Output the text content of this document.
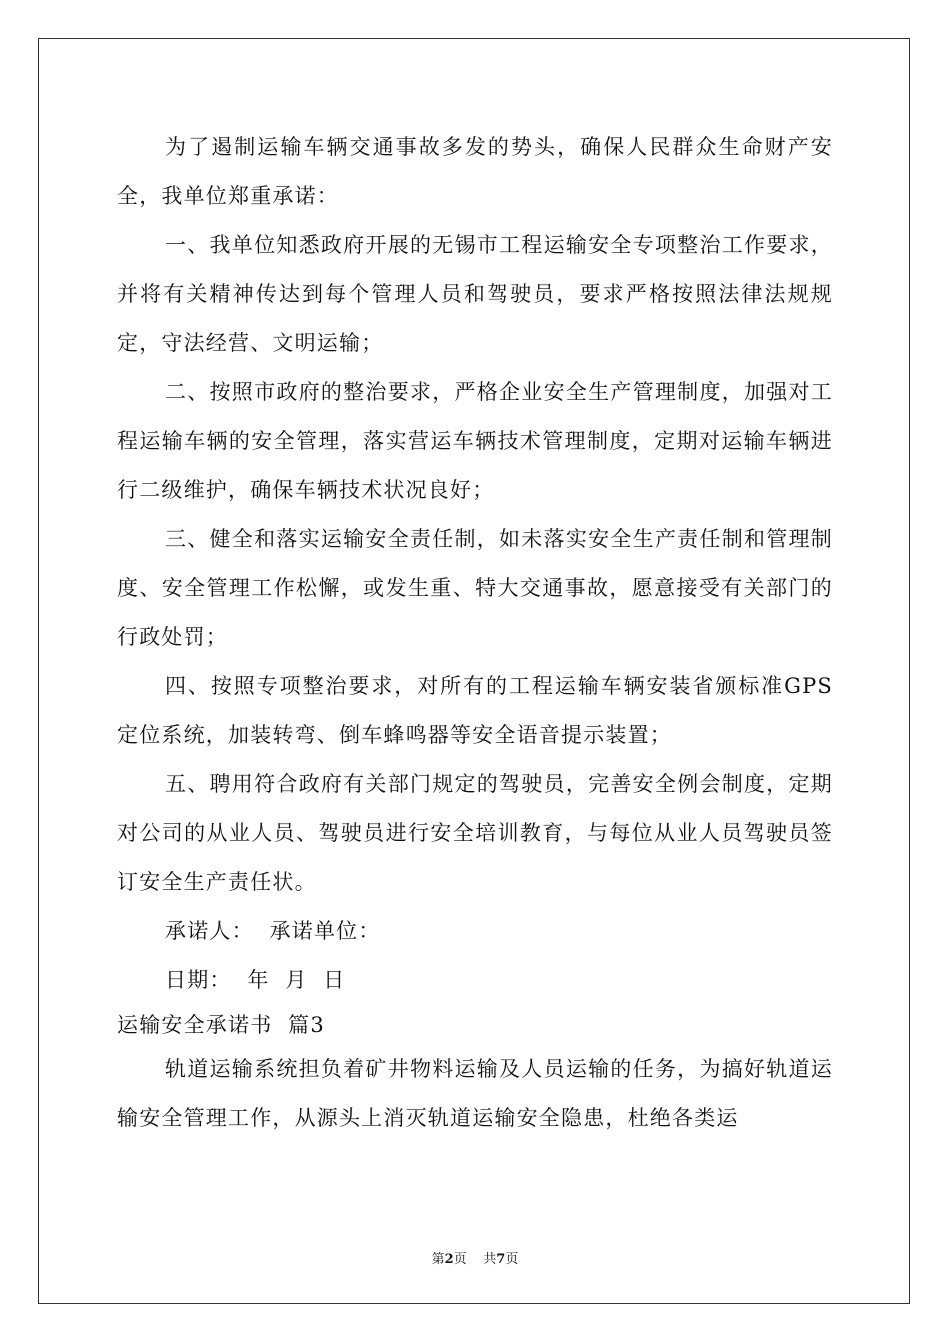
为了遏制运输车辆交通事故多发的势头，确保人民群众生命财产安全，我单位郑重承诺：

一、我单位知悉政府开展的无锡市工程运输安全专项整治工作要求，并将有关精神传达到每个管理人员和驾驶员，要求严格按照法律法规规定，守法经营、文明运输；

二、按照市政府的整治要求，严格企业安全生产管理制度，加强对工程运输车辆的安全管理，落实营运车辆技术管理制度，定期对运输车辆进行二级维护，确保车辆技术状况良好；

三、健全和落实运输安全责任制，如未落实安全生产责任制和管理制度、安全管理工作松懈，或发生重、特大交通事故，愿意接受有关部门的行政处罚；

四、按照专项整治要求，对所有的工程运输车辆安装省颁标准GPS定位系统，加装转弯、倒车蜂鸣器等安全语音提示装置；

五、聘用符合政府有关部门规定的驾驶员，完善安全例会制度，定期对公司的从业人员、驾驶员进行安全培训教育，与每位从业人员驾驶员签订安全生产责任状。

承诺人：  承诺单位：

日期：  年  月  日

运输安全承诺书  篇3

轨道运输系统担负着矿井物料运输及人员运输的任务，为搞好轨道运输安全管理工作，从源头上消灭轨道运输安全隐患，杜绝各类运

第2页 共7页
